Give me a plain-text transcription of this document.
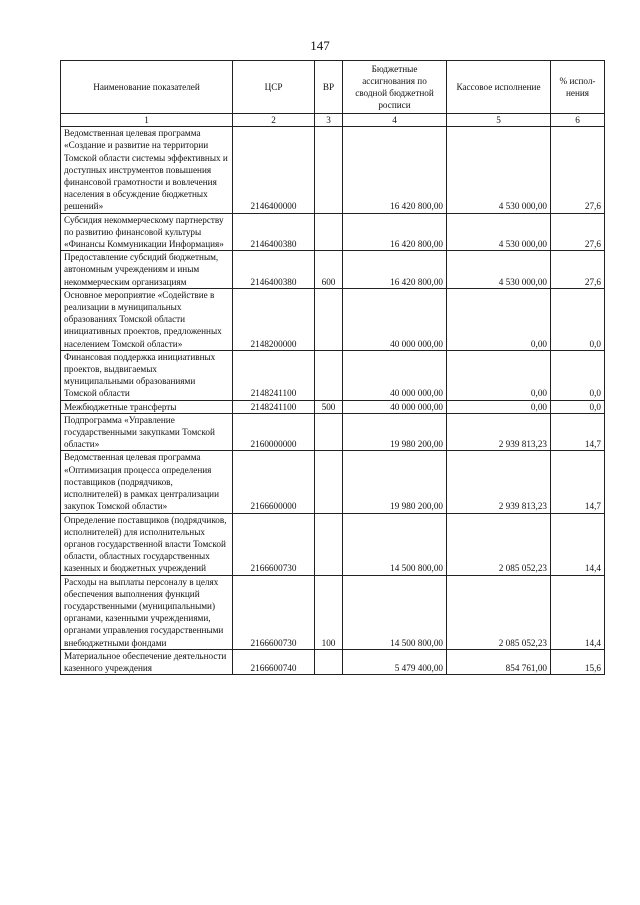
147
Наименование показателей	ЦСР	ВР	Бюджетные ассигнования по сводной бюджетной росписи	Кассовое исполнение	% испол-нения
1	2	3	4	5	6
Ведомственная целевая программа «Создание и развитие на территории Томской области системы эффективных и доступных инструментов повышения финансовой грамотности и вовлечения населения в обсуждение бюджетных решений»	2146400000		16 420 800,00	4 530 000,00	27,6
Субсидия некоммерческому партнерству по развитию финансовой культуры «Финансы Коммуникации Информация»	2146400380		16 420 800,00	4 530 000,00	27,6
Предоставление субсидий бюджетным, автономным учреждениям и иным некоммерческим организациям	2146400380	600	16 420 800,00	4 530 000,00	27,6
Основное мероприятие «Содействие в реализации в муниципальных образованиях Томской области инициативных проектов, предложенных населением Томской области»	2148200000		40 000 000,00	0,00	0,0
Финансовая поддержка инициативных проектов, выдвигаемых муниципальными образованиями Томской области	2148241100		40 000 000,00	0,00	0,0
Межбюджетные трансферты	2148241100	500	40 000 000,00	0,00	0,0
Подпрограмма «Управление государственными закупками Томской области»	2160000000		19 980 200,00	2 939 813,23	14,7
Ведомственная целевая программа «Оптимизация процесса определения поставщиков (подрядчиков, исполнителей) в рамках централизации закупок Томской области»	2166600000		19 980 200,00	2 939 813,23	14,7
Определение поставщиков (подрядчиков, исполнителей) для исполнительных органов государственной власти Томской области, областных государственных казенных и бюджетных учреждений	2166600730		14 500 800,00	2 085 052,23	14,4
Расходы на выплаты персоналу в целях обеспечения выполнения функций государственными (муниципальными) органами, казенными учреждениями, органами управления государственными внебюджетными фондами	2166600730	100	14 500 800,00	2 085 052,23	14,4
Материальное обеспечение деятельности казенного учреждения	2166600740		5 479 400,00	854 761,00	15,6
